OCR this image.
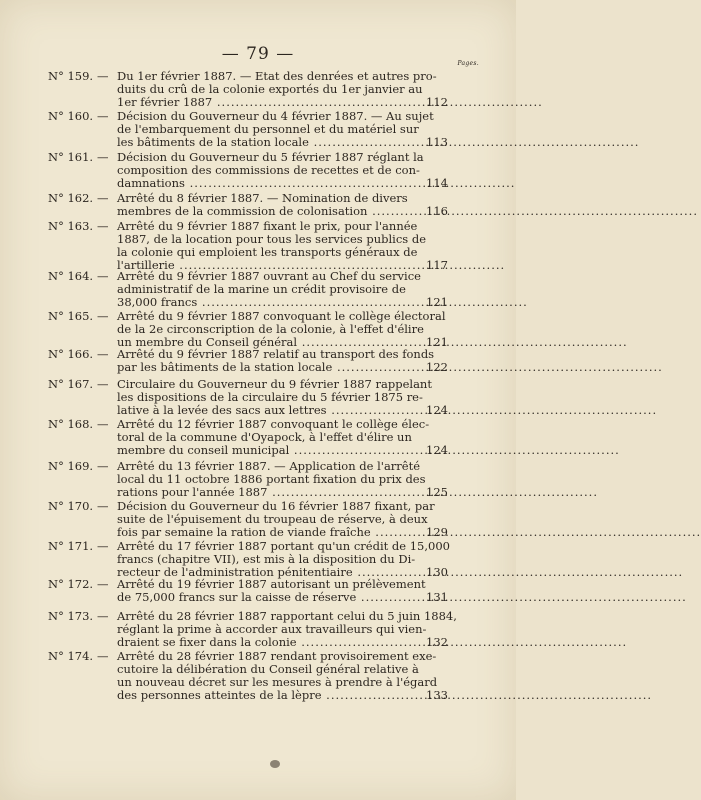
— 79 —	Pages.
N° 159. — Du 1er février 1887. — Etat des denrées et autres pro-
duits du crû de la colonie exportés du 1er janvier au
1er février 1887 .....	112
N° 160. — Décision du Gouverneur du 4 février 1887. — Au sujet
de l'embarquement du personnel et du matériel sur
les bâtiments de la station locale .....	113
N° 161. — Décision du Gouverneur du 5 février 1887 réglant la
composition des commissions de recettes et de con-
damnations .....	114
N° 162. — Arrêté du 8 février 1887. — Nomination de divers
membres de la commission de colonisation .....	116
N° 163. — Arrêté du 9 février 1887 fixant le prix, pour l'année
1887, de la location pour tous les services publics de
la colonie qui emploient les transports généraux de
l'artillerie .....	117
N° 164. — Arrêté du 9 février 1887 ouvrant au Chef du service
administratif de la marine un crédit provisoire de
38,000 francs .....	121
N° 165. — Arrêté du 9 février 1887 convoquant le collège électoral
de la 2e circonscription de la colonie, à l'effet d'élire
un membre du Conseil général .....	121
N° 166. — Arrêté du 9 février 1887 relatif au transport des fonds
par les bâtiments de la station locale .....	122
N° 167. — Circulaire du Gouverneur du 9 février 1887 rappelant
les dispositions de la circulaire du 5 février 1875 re-
lative à la levée des sacs aux lettres .....	124
N° 168. — Arrêté du 12 février 1887 convoquant le collège élec-
toral de la commune d'Oyapock, à l'effet d'élire un
membre du conseil municipal .....	124
N° 169. — Arrêté du 13 février 1887. — Application de l'arrêté
local du 11 octobre 1886 portant fixation du prix des
rations pour l'année 1887 .....	125
N° 170. — Décision du Gouverneur du 16 février 1887 fixant, par
suite de l'épuisement du troupeau de réserve, à deux
fois par semaine la ration de viande fraîche .....	129
N° 171. — Arrêté du 17 février 1887 portant qu'un crédit de 15,000
francs (chapitre VII), est mis à la disposition du Di-
recteur de l'administration pénitentiaire .....	130
N° 172. — Arrêté du 19 février 1887 autorisant un prélèvement
de 75,000 francs sur la caisse de réserve .....	131
N° 173. — Arrêté du 28 février 1887 rapportant celui du 5 juin 1884,
réglant la prime à accorder aux travailleurs qui vien-
draient se fixer dans la colonie .....	132
N° 174. — Arrêté du 28 février 1887 rendant provisoirement exe-
cutoire la délibération du Conseil général relative à
un nouveau décret sur les mesures à prendre à l'égard
des personnes atteintes de la lèpre .....	133
